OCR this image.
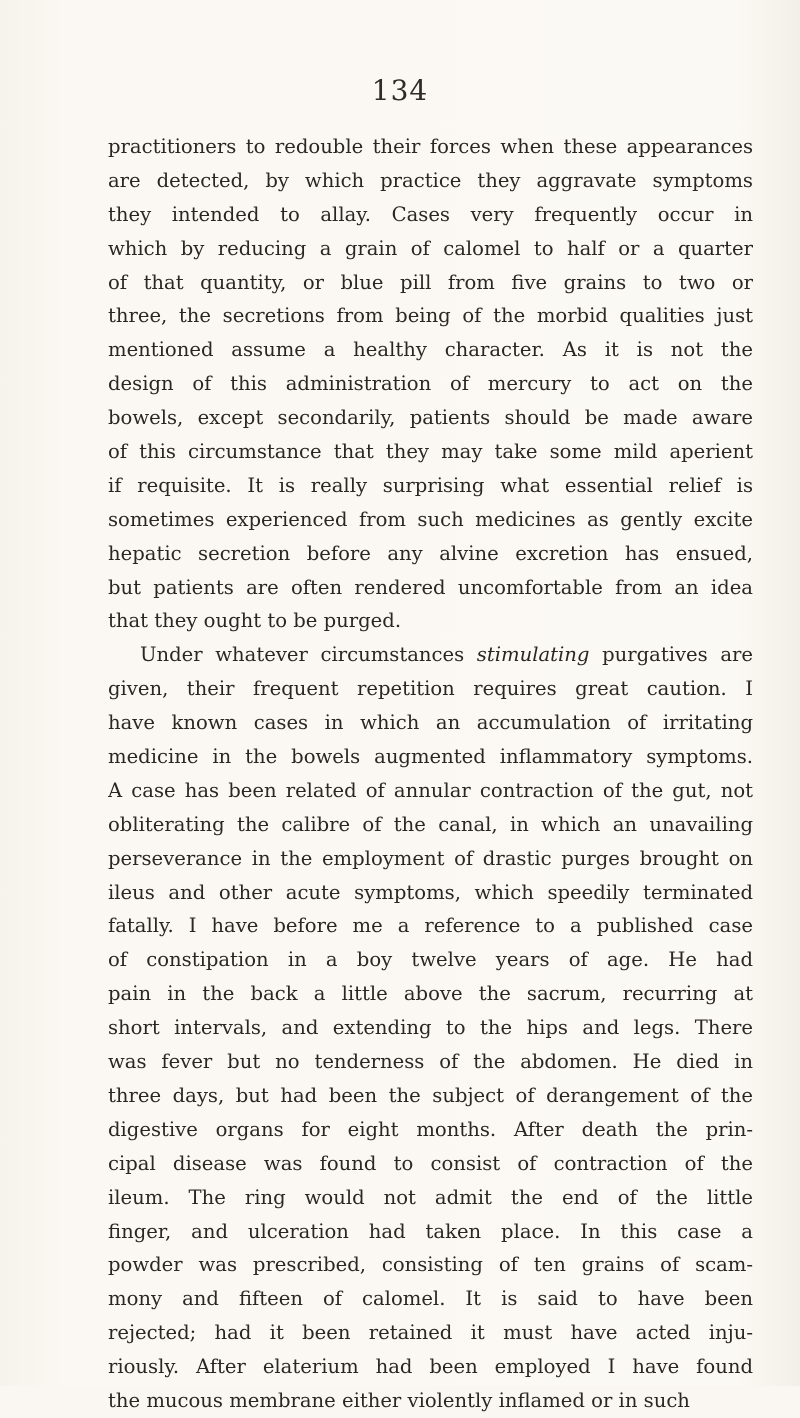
134
practitioners to redouble their forces when these appearances
are detected, by which practice they aggravate symptoms
they intended to allay. Cases very frequently occur in
which by reducing a grain of calomel to half or a quarter
of that quantity, or blue pill from five grains to two or
three, the secretions from being of the morbid qualities just
mentioned assume a healthy character. As it is not the
design of this administration of mercury to act on the
bowels, except secondarily, patients should be made aware
of this circumstance that they may take some mild aperient
if requisite. It is really surprising what essential relief is
sometimes experienced from such medicines as gently excite
hepatic secretion before any alvine excretion has ensued,
but patients are often rendered uncomfortable from an idea
that they ought to be purged.
Under whatever circumstances stimulating purgatives are
given, their frequent repetition requires great caution. I
have known cases in which an accumulation of irritating
medicine in the bowels augmented inflammatory symptoms.
A case has been related of annular contraction of the gut, not
obliterating the calibre of the canal, in which an unavailing
perseverance in the employment of drastic purges brought on
ileus and other acute symptoms, which speedily terminated
fatally. I have before me a reference to a published case
of constipation in a boy twelve years of age. He had
pain in the back a little above the sacrum, recurring at
short intervals, and extending to the hips and legs. There
was fever but no tenderness of the abdomen. He died in
three days, but had been the subject of derangement of the
digestive organs for eight months. After death the prin-
cipal disease was found to consist of contraction of the
ileum. The ring would not admit the end of the little
finger, and ulceration had taken place. In this case a
powder was prescribed, consisting of ten grains of scam-
mony and fifteen of calomel. It is said to have been
rejected; had it been retained it must have acted inju-
riously. After elaterium had been employed I have found
the mucous membrane either violently inflamed or in such
